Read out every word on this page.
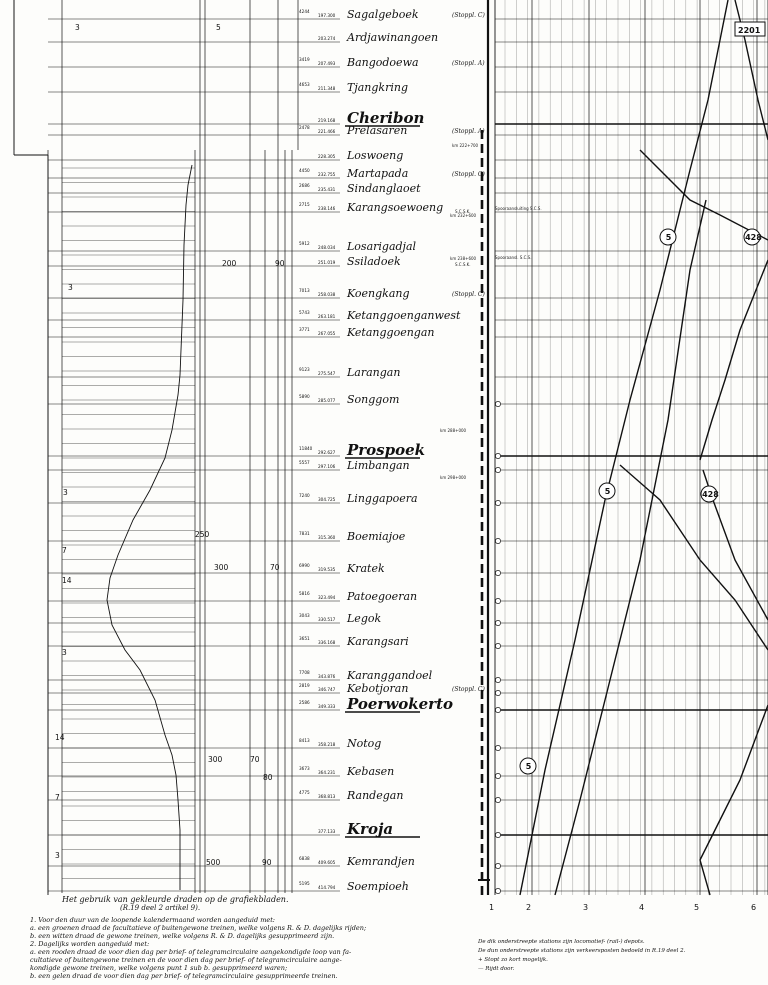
3
3
3
7
14
3
14
7
3
5
200	90
300	70
300	70
80
500	90
250
Sagalgeboek
197.300
4244
(Stoppl. C)
Ardjawinangoen
203.274
Bangodoewa
207.493
3419
(Stoppl. A)
Tjangkring
211.348
4653
Cheribon
219.168
Prelasaren
221.466
2478
(Stoppl. A)
Loswoeng
228.305
Martapada
232.755
4450
(Stoppl. C)
Sindanglaoet
235.431
2686
Karangsoewoeng
238.146
2715
Losarigadjal
248.034
5912
Ssiladoek
251.019
Koengkang
258.038
7013
(Stoppl. C)
Ketanggoenganwest
263.181
5743
Ketanggoengan
267.055
3771
Larangan
275.547
9123
Songgom
285.077
5890
Prospoek
292.627
11840
Limbangan
297.106
5557
Linggapoera
304.725
7240
Boemiajoe
315.360
7831
Kratek
319.535
6990
Patoegoeran
323.494
5816
Legok
330.517
3043
Karangsari
336.168
3651
Karanggandoel
343.876
7708
Kebotjoran
346.747
2819
(Stoppl. C)
Poerwokerto
349.333
2586
Notog
358.218
8413
Kebasen
364.231
3673
Randegan
368.813
4775
Kroja
377.133
Kemrandjen
409.605
6838
Soempioeh
414.794
5195
km 222+700
km 232+600
km 238+600
km 288+000
km 298+000
Spooraansluiting S.C.S.
Spooraansl. S.C.S.
S.C.S.K.
S.C.S.K.
5	428
5	428
5
2201
1	2	3	4	5	6
Het gebruik van gekleurde draden op de grafiekbladen.
(R.19 deel 2 artikel 9).
1. Voor den duur van de loopende kalendermaand worden aangeduid met:
a. een groenen draad de facultatieve of buitengewone treinen, welke volgens R. & D. dagelijks rijden;
b. een witten draad de gewone treinen, welke volgens R. & D. dagelijks gesupprimeerd zijn.
2. Dagelijks worden aangeduid met:
a. een rooden draad de voor dien dag per brief- of telegramcirculaire aangekondigde loop van fa-
cultatieve of buitengewone treinen en de voor dien dag per brief- of telegramcirculaire aange-
kondigde gewone treinen, welke volgens punt 1 sub b. gesupprimeerd waren;
b. een gelen draad de voor dien dag per brief- of telegramcirculaire gesupprimeerde treinen.
De dik onderstreepte stations zijn locomotief- (rail-) depots.
De dun onderstreepte stations zijn verkeersposten bedoeld in R.19 deel 2.
+ Stopt zo kort mogelijk.
— Rijdt door.
